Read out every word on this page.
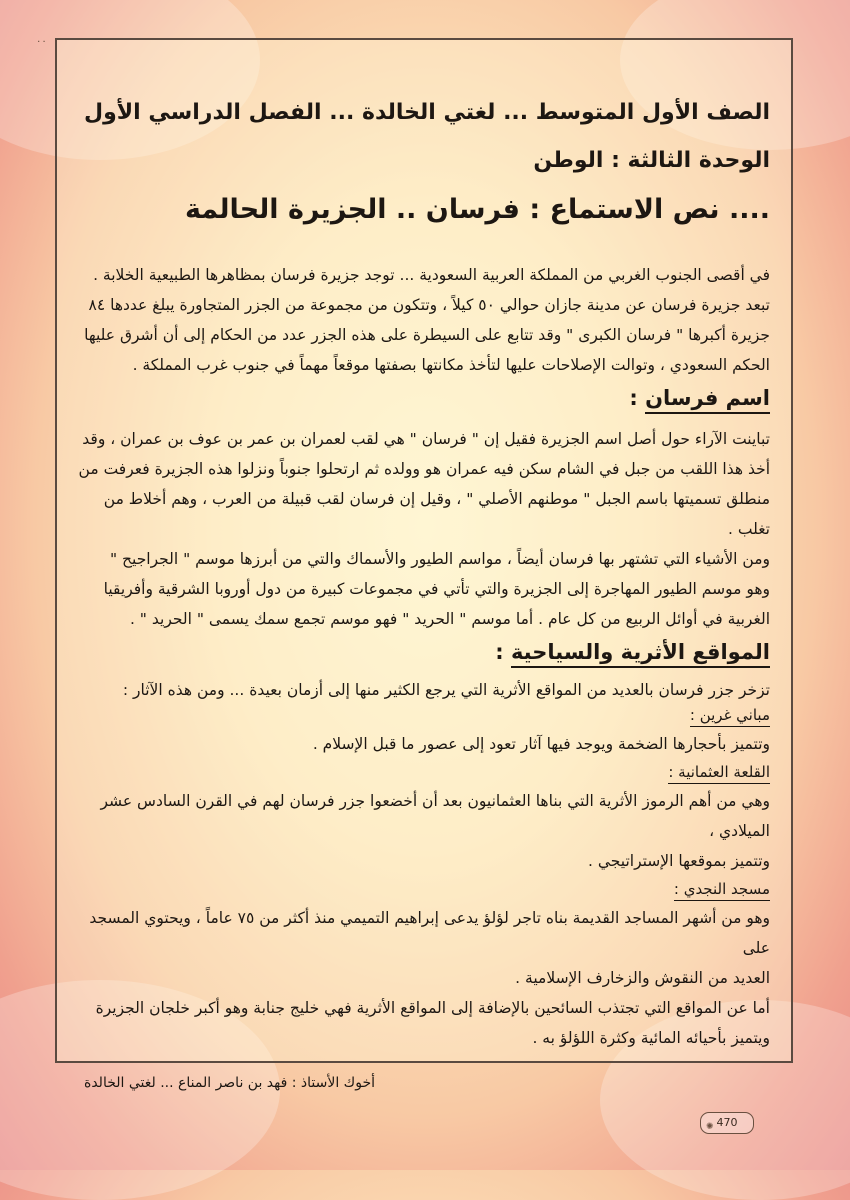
٠٠
الصف الأول المتوسط ... لغتي الخالدة ... الفصل الدراسي الأول
الوحدة الثالثة : الوطن
.... نص الاستماع : فرسان .. الجزيرة الحالمة

في أقصى الجنوب الغربي من المملكة العربية السعودية ... توجد جزيرة فرسان بمظاهرها الطبيعية الخلابة .

تبعد جزيرة فرسان عن مدينة جازان حوالي ٥٠ كيلاً ، وتتكون من مجموعة من الجزر المتجاورة يبلغ عددها ٨٤

جزيرة أكبرها " فرسان الكبرى " وقد تتابع على السيطرة على هذه الجزر عدد من الحكام إلى أن أشرق عليها

الحكم السعودي ، وتوالت الإصلاحات عليها لتأخذ مكانتها بصفتها موقعاً مهماً في جنوب غرب المملكة .

اسم فرسان :

تباينت الآراء حول أصل اسم الجزيرة فقيل إن " فرسان " هي لقب لعمران بن عمر بن عوف بن عمران ، وقد

أخذ هذا اللقب من جبل في الشام سكن فيه عمران هو وولده ثم ارتحلوا جنوباً ونزلوا هذه الجزيرة فعرفت من

منطلق تسميتها باسم الجبل " موطنهم الأصلي " ، وقيل إن فرسان لقب قبيلة من العرب ، وهم أخلاط من تغلب .

ومن الأشياء التي تشتهر بها فرسان أيضاً ، مواسم الطيور والأسماك والتي من أبرزها موسم " الجراجيح "

وهو موسم الطيور المهاجرة إلى الجزيرة والتي تأتي في مجموعات كبيرة من دول أوروبا الشرقية وأفريقيا

الغربية في أوائل الربيع من كل عام . أما موسم " الحريد " فهو موسم تجمع سمك يسمى " الحريد " .

المواقع الأثرية والسياحية :

تزخر جزر فرسان بالعديد من المواقع الأثرية التي يرجع الكثير منها إلى أزمان بعيدة ... ومن هذه الآثار :

مباني غرين :

وتتميز بأحجارها الضخمة ويوجد فيها آثار تعود إلى عصور ما قبل الإسلام .

القلعة العثمانية :

وهي من أهم الرموز الأثرية التي بناها العثمانيون بعد أن أخضعوا جزر فرسان لهم في القرن السادس عشر الميلادي ،

وتتميز بموقعها الإستراتيجي .

مسجد النجدي :

وهو من أشهر المساجد القديمة بناه تاجر لؤلؤ يدعى إبراهيم التميمي منذ أكثر من ٧٥ عاماً ، ويحتوي المسجد على

العديد من النقوش والزخارف الإسلامية .

أما عن المواقع التي تجتذب السائحين بالإضافة إلى المواقع الأثرية فهي خليج جنابة وهو أكبر خلجان الجزيرة

ويتميز بأحيائه المائية وكثرة اللؤلؤ به .

أخوك الأستاذ : فهد بن ناصر المناع ... لغتي الخالدة
✺ 470
